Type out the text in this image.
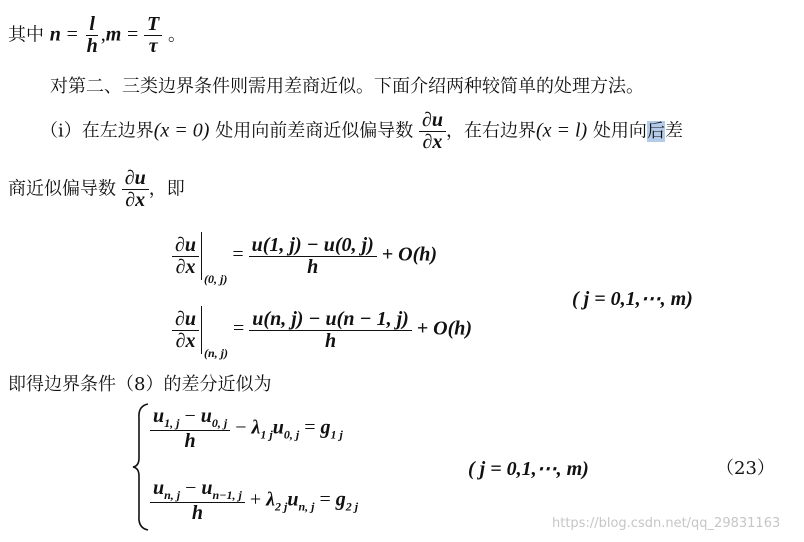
其中 $n = \frac{l}{h} ,m = \frac{T}{\tau}$ 。
对第二、三类边界条件则需用差商近似。下面介绍两种较简单的处理方法。
（i）在左边界(x = 0) 处用向前差商近似偏导数 $\frac{\partial u}{\partial x}$ ，在右边界(x = l) 处用向后差
商近似偏导数 $\frac{\partial u}{\partial x}$ ，即
$\frac{\partial u}{\partial x}$
(0, $j) = \frac{u(1, j) - u(0, j)}{h} + O(h)$
$\frac{\partial u}{\partial x}$
(n, $j) = \frac{u(n, j) - u(n - 1, j)}{h} + O(h)$
( j = 0,1,⋯, m)
即得边界条件（8）的差分近似为
$\frac{u_{1, j} - u_{0, j}}{h} - \lambda_{1 j}u_{0, j} = g_{1 j}$
$\frac{u_{n, j} - u_{n-1, j}}{h} + \lambda_{2 j}u_{n, j} = g_{2 j}$
( j = 0,1,⋯, m)	（23）
https://blog.csdn.net/qq_29831163
